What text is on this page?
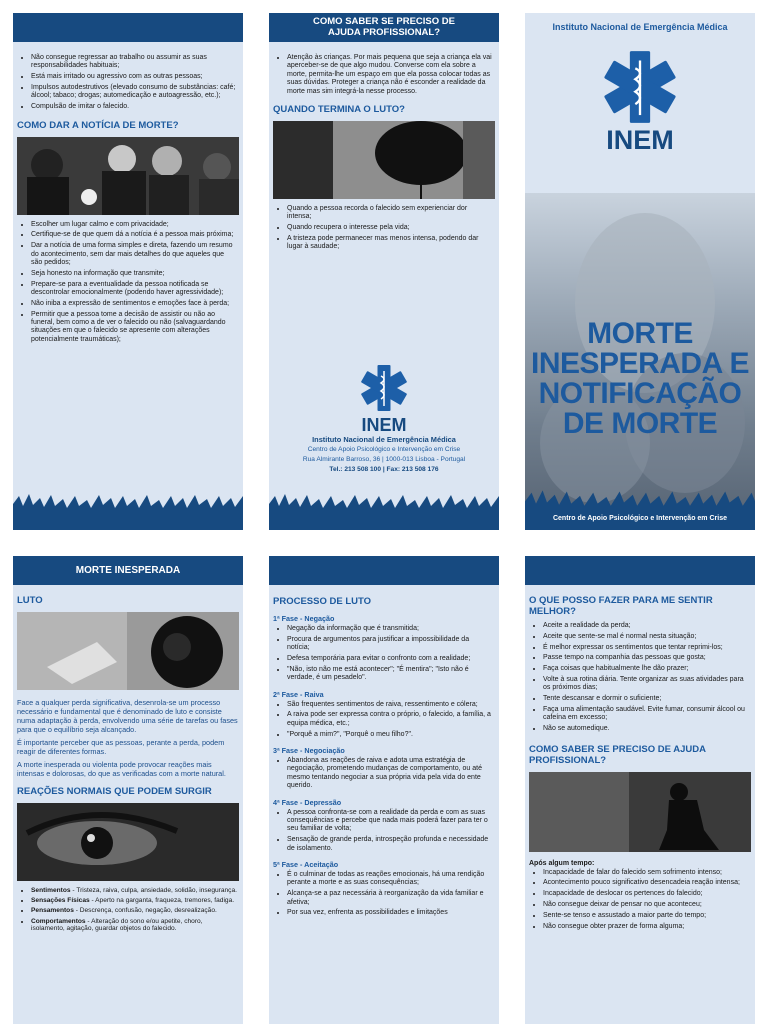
• Não consegue regressar ao trabalho ou assumir as suas responsabilidades habituais;
• Está mais irritado ou agressivo com as outras pessoas;
• Impulsos autodestrutivos (elevado consumo de substâncias: café; álcool; tabaco; drogas; automedicação e autoagressão, etc.);
• Compulsão de imitar o falecido.
COMO DAR A NOTÍCIA DE MORTE?
• Escolher um lugar calmo e com privacidade;
• Certifique-se de que quem dá a notícia é a pessoa mais próxima;
• Dar a notícia de uma forma simples e direta, fazendo um resumo do acontecimento, sem dar mais detalhes do que aqueles que são pedidos;
• Seja honesto na informação que transmite;
• Prepare-se para a eventualidade da pessoa notificada se descontrolar emocionalmente (podendo haver agressividade);
• Não iniba a expressão de sentimentos e emoções face à perda;
• Permitir que a pessoa tome a decisão de assistir ou não ao funeral, bem como a de ver o falecido ou não (salvaguardando situações em que o falecido se apresente com alterações potencialmente traumáticas);
COMO SABER SE PRECISO DE AJUDA PROFISSIONAL?
• Atenção às crianças. Por mais pequena que seja a criança ela vai aperceber-se de que algo mudou. Converse com ela sobre a morte, permita-lhe um espaço em que ela possa colocar todas as suas dúvidas. Proteger a criança não é esconder a realidade da morte mas sim integrá-la nesse processo.
QUANDO TERMINA O LUTO?
• Quando a pessoa recorda o falecido sem experienciar dor intensa;
• Quando recupera o interesse pela vida;
• A tristeza pode permanecer mas menos intensa, podendo dar lugar à saudade;
INEM
Instituto Nacional de Emergência Médica
Centro de Apoio Psicológico e Intervenção em Crise
Rua Almirante Barroso, 36 | 1000-013 Lisboa - Portugal
Tel.: 213 508 100 | Fax: 213 508 176
Instituto Nacional de Emergência Médica
INEM
MORTE
INESPERADA E
NOTIFICAÇÃO
DE MORTE
Centro de Apoio Psicológico e Intervenção em Crise
MORTE INESPERADA
LUTO
Face a qualquer perda significativa, desenrola-se um processo necessário e fundamental que é denominado de luto e consiste numa adaptação à perda, envolvendo uma série de tarefas ou fases para que o equilíbrio seja alcançado.
É importante perceber que as pessoas, perante a perda, podem reagir de diferentes formas.
A morte inesperada ou violenta pode provocar reações mais intensas e dolorosas, do que as verificadas com a morte natural.
REAÇÕES NORMAIS QUE PODEM SURGIR
• Sentimentos - Tristeza, raiva, culpa, ansiedade, solidão, insegurança.
• Sensações Físicas - Aperto na garganta, fraqueza, tremores, fadiga.
• Pensamentos - Descrença, confusão, negação, desrealização.
• Comportamentos - Alteração do sono e/ou apetite, choro, isolamento, agitação, guardar objetos do falecido.
PROCESSO DE LUTO
1ª Fase - Negação
• Negação da informação que é transmitida;
• Procura de argumentos para justificar a impossibilidade da notícia;
• Defesa temporária para evitar o confronto com a realidade;
• "Não, isto não me está acontecer"; "É mentira"; "Isto não é verdade, é um pesadelo".
2ª Fase - Raiva
• São frequentes sentimentos de raiva, ressentimento e cólera;
• A raiva pode ser expressa contra o próprio, o falecido, a família, a equipa médica, etc.;
• "Porquê a mim?", "Porquê o meu filho?".
3ª Fase - Negociação
• Abandona as reações de raiva e adota uma estratégia de negociação, prometendo mudanças de comportamento, ou até mesmo tentando negociar a sua própria vida pela vida do ente querido.
4ª Fase - Depressão
• A pessoa confronta-se com a realidade da perda e com as suas consequências e percebe que nada mais poderá fazer para ter o seu familiar de volta;
• Sensação de grande perda, introspeção profunda e necessidade de isolamento.
5ª Fase - Aceitação
• É o culminar de todas as reações emocionais, há uma rendição perante a morte e as suas consequências;
• Alcança-se a paz necessária à reorganização da vida familiar e afetiva;
• Por sua vez, enfrenta as possibilidades e limitações
O QUE POSSO FAZER PARA ME SENTIR MELHOR?
• Aceite a realidade da perda;
• Aceite que sente-se mal é normal nesta situação;
• É melhor expressar os sentimentos que tentar reprimi-los;
• Passe tempo na companhia das pessoas que gosta;
• Faça coisas que habitualmente lhe dão prazer;
• Volte à sua rotina diária. Tente organizar as suas atividades para os próximos dias;
• Tente descansar e dormir o suficiente;
• Faça uma alimentação saudável. Evite fumar, consumir álcool ou cafeína em excesso;
• Não se automedique.
COMO SABER SE PRECISO DE AJUDA PROFISSIONAL?
Após algum tempo:
• Incapacidade de falar do falecido sem sofrimento intenso;
• Acontecimento pouco significativo desencadeia reação intensa;
• Incapacidade de deslocar os pertences do falecido;
• Não consegue deixar de pensar no que aconteceu;
• Sente-se tenso e assustado a maior parte do tempo;
• Não consegue obter prazer de forma alguma;
